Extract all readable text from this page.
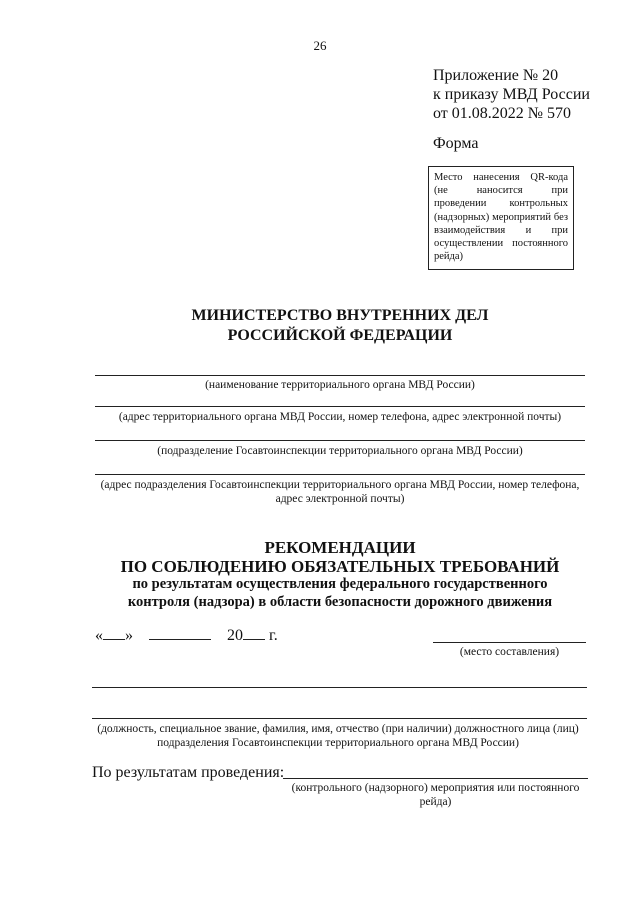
26
Приложение № 20
к приказу МВД России
от 01.08.2022 № 570
Форма
Место нанесения QR-кода (не наносится при проведении контрольных (надзорных) мероприятий без взаимодействия и при осуществлении постоянного рейда)
МИНИСТЕРСТВО ВНУТРЕННИХ ДЕЛ
РОССИЙСКОЙ ФЕДЕРАЦИИ
(наименование территориального органа МВД России)
(адрес территориального органа МВД России, номер телефона, адрес электронной почты)
(подразделение Госавтоинспекции территориального органа МВД России)
(адрес подразделения Госавтоинспекции территориального органа МВД России, номер телефона,
адрес электронной почты)
РЕКОМЕНДАЦИИ
ПО СОБЛЮДЕНИЮ ОБЯЗАТЕЛЬНЫХ ТРЕБОВАНИЙ
по результатам осуществления федерального государственного
контроля (надзора) в области безопасности дорожного движения
« »	20 г.
(место составления)
(должность, специальное звание, фамилия, имя, отчество (при наличии) должностного лица (лиц)
подразделения Госавтоинспекции территориального органа МВД России)
По результатам проведения:
(контрольного (надзорного) мероприятия или постоянного
рейда)
